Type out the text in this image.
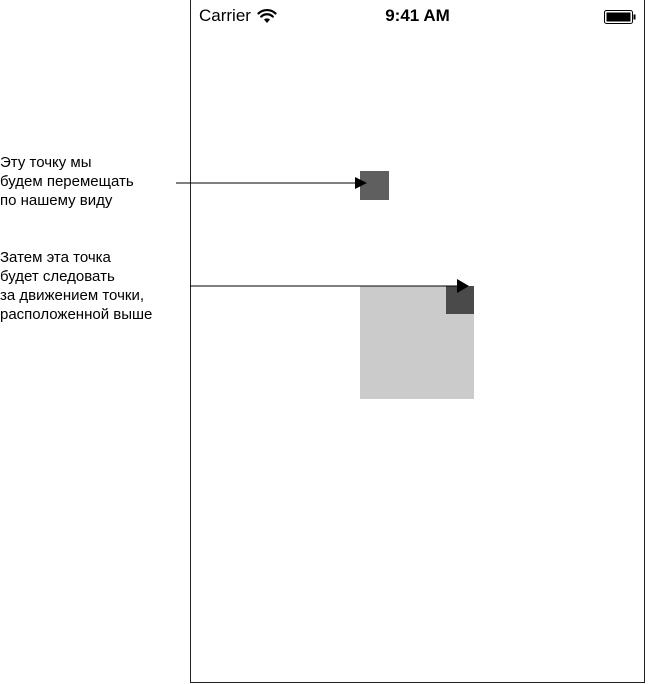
Carrier	9:41 AM
Эту точку мы
будем перемещать
по нашему виду
Затем эта точка
будет следовать
за движением точки,
расположенной выше
